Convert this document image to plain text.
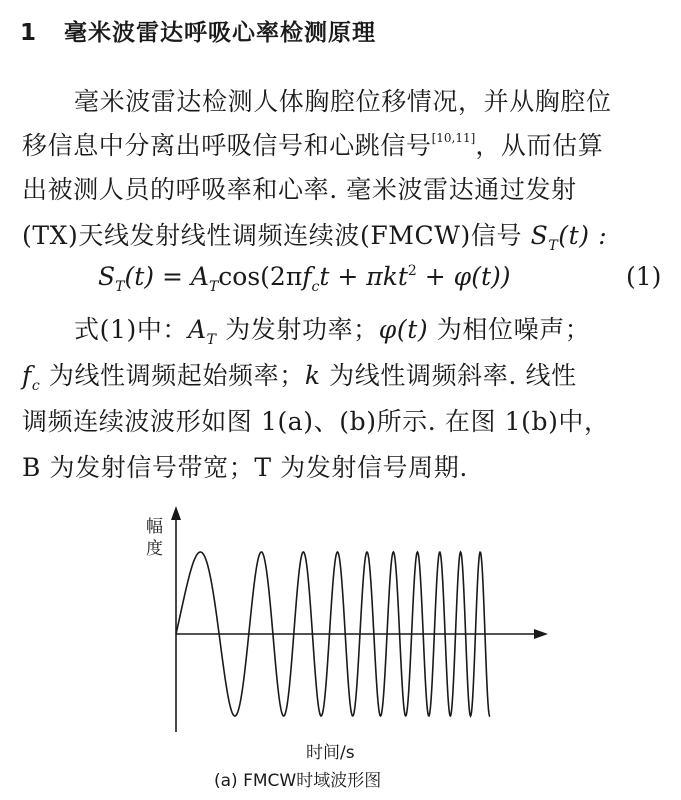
1 毫米波雷达呼吸心率检测原理
毫米波雷达检测人体胸腔位移情况，并从胸腔位
移信息中分离出呼吸信号和心跳信号[10,11]，从而估算
出被测人员的呼吸率和心率. 毫米波雷达通过发射
(TX)天线发射线性调频连续波(FMCW)信号 $S_T(t)$ :
$S_T(t) = A_T\cos(2\pi f_ct + \pi kt^2 + \varphi(t))$	(1)
式(1)中：$A_T$ 为发射功率；φ(t) 为相位噪声；
$f_c$ 为线性调频起始频率；k 为线性调频斜率. 线性
调频连续波波形如图 1(a)、(b)所示. 在图 1(b)中，
B 为发射信号带宽；T 为发射信号周期.
幅
度
时间/s
(a) FMCW时域波形图
